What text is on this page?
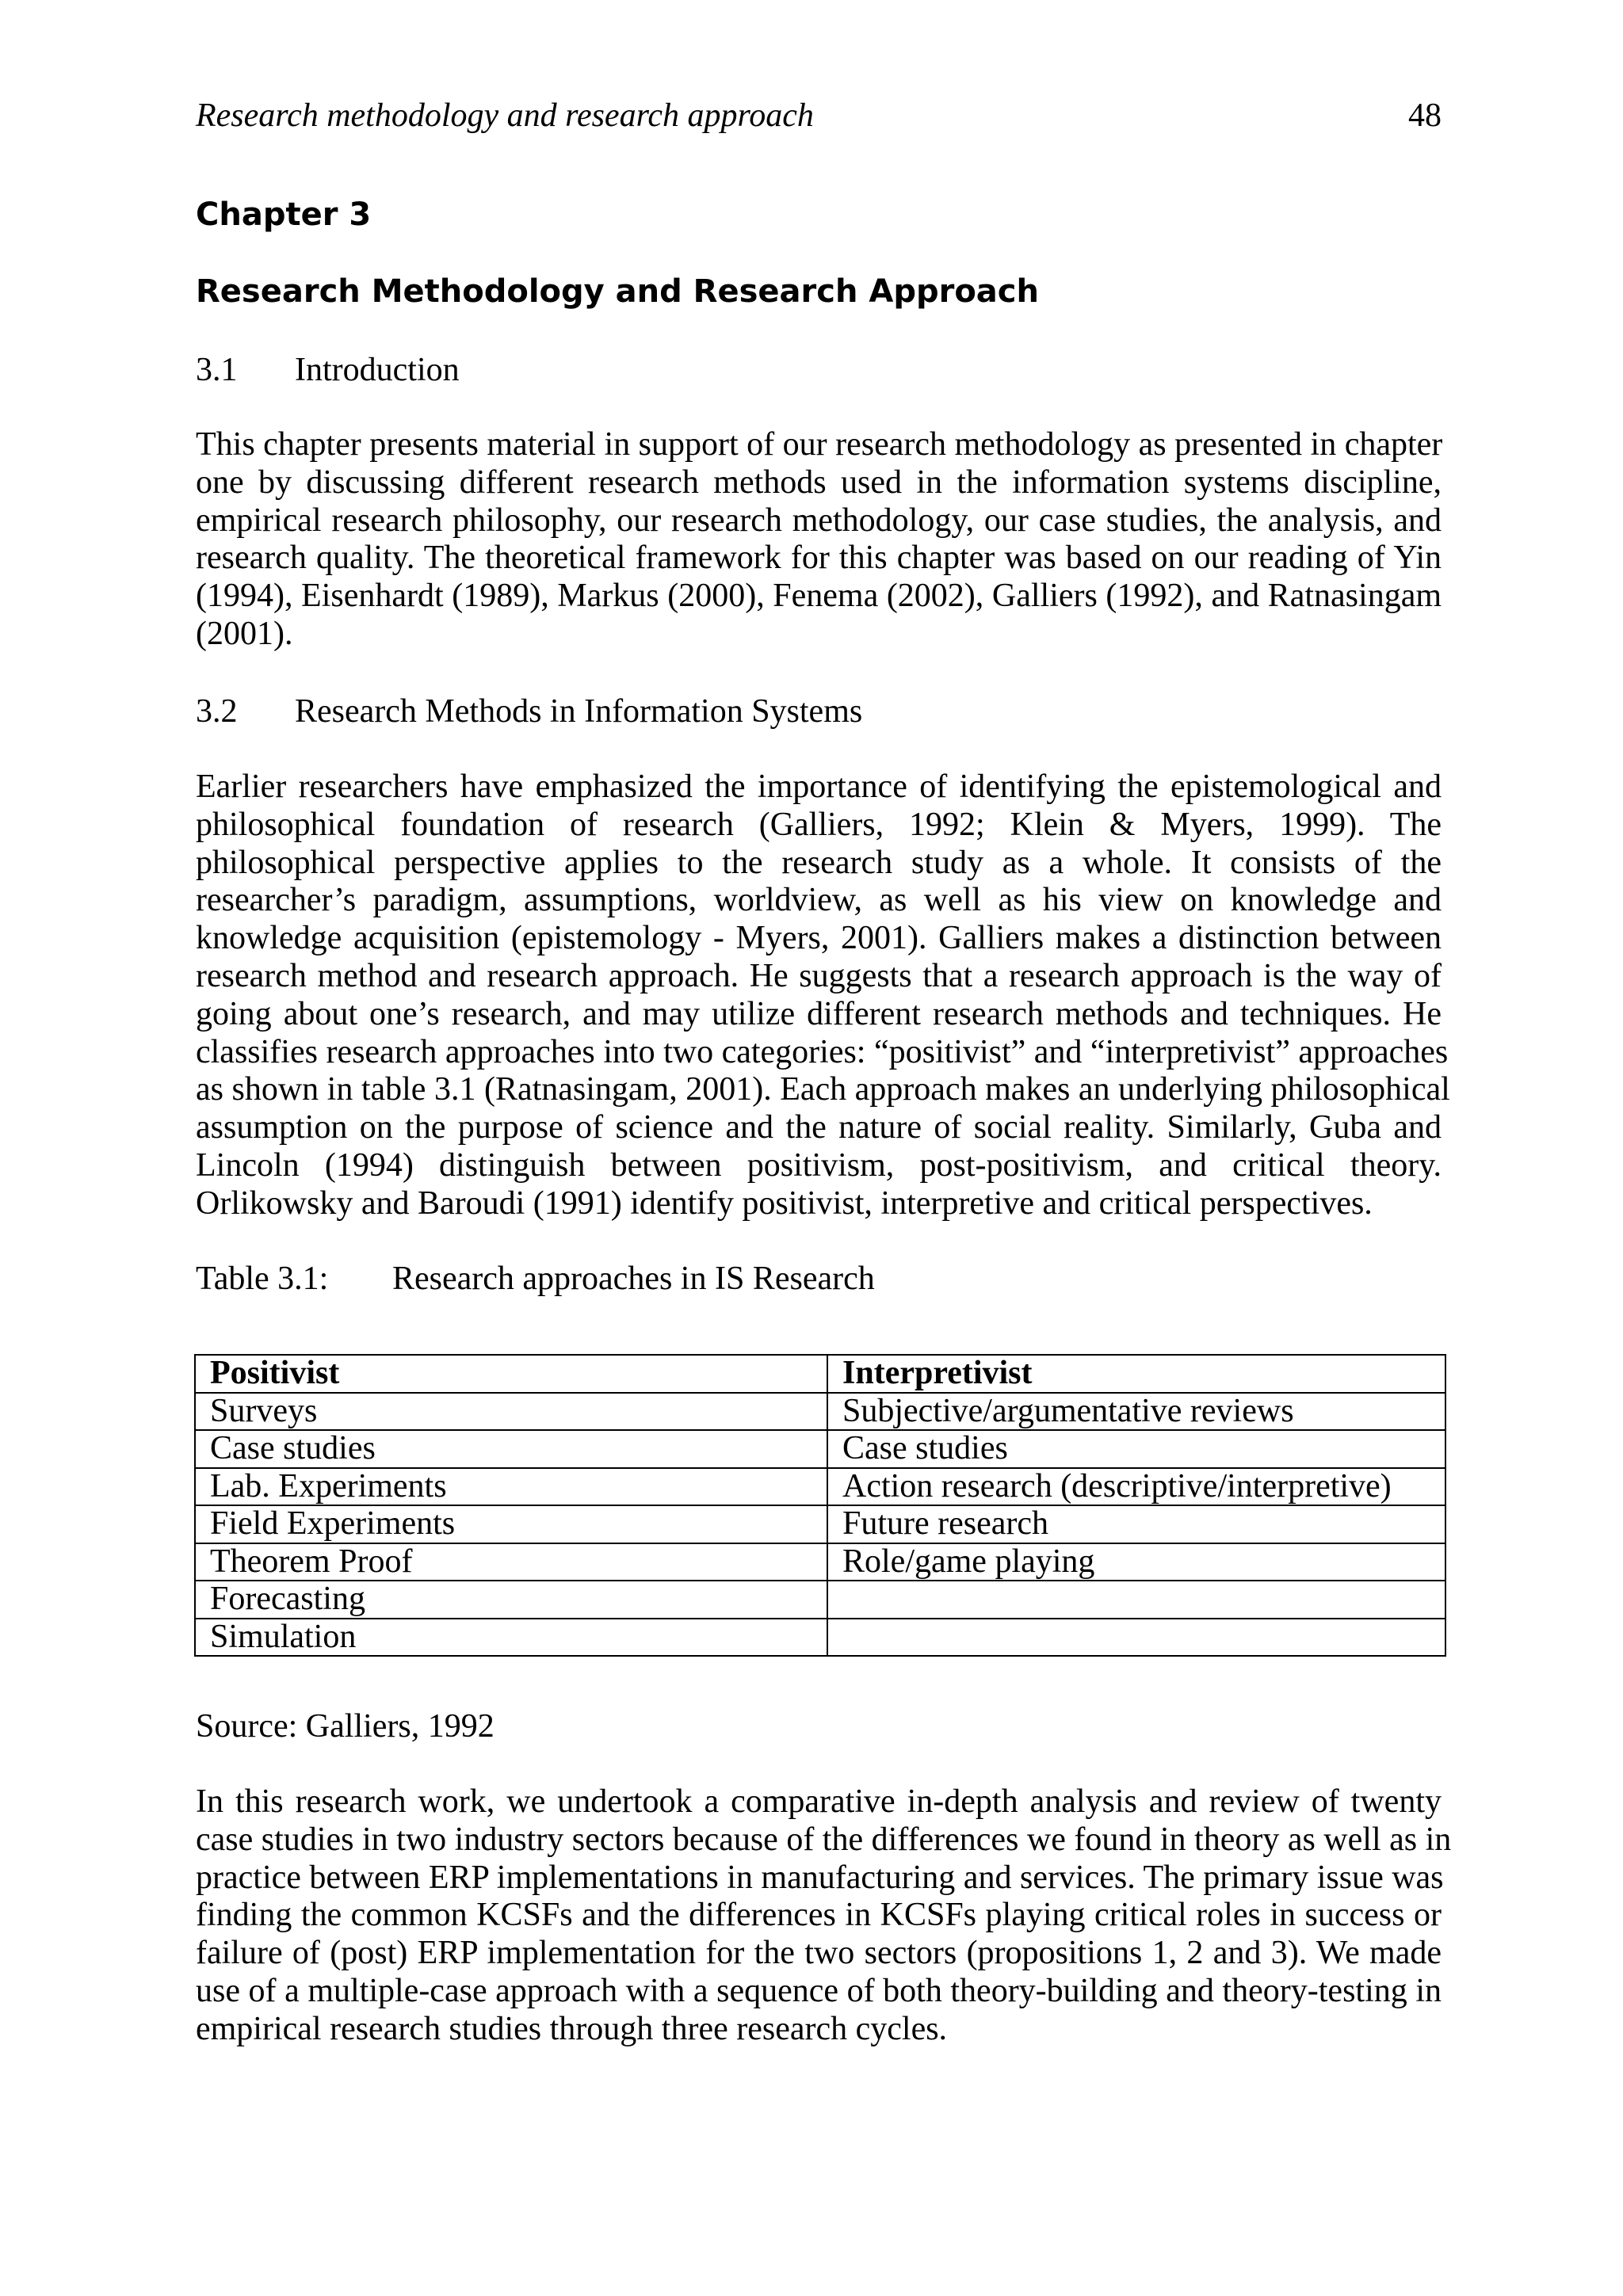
Research methodology and research approach	48
Chapter 3
Research Methodology and Research Approach
3.1 Introduction
This chapter presents material in support of our research methodology as presented in chapter
one by discussing different research methods used in the information systems discipline,
empirical research philosophy, our research methodology, our case studies, the analysis, and
research quality. The theoretical framework for this chapter was based on our reading of Yin
(1994), Eisenhardt (1989), Markus (2000), Fenema (2002), Galliers (1992), and Ratnasingam
(2001).
3.2 Research Methods in Information Systems
Earlier researchers have emphasized the importance of identifying the epistemological and
philosophical foundation of research (Galliers, 1992; Klein & Myers, 1999). The
philosophical perspective applies to the research study as a whole. It consists of the
researcher’s paradigm, assumptions, worldview, as well as his view on knowledge and
knowledge acquisition (epistemology - Myers, 2001). Galliers makes a distinction between
research method and research approach. He suggests that a research approach is the way of
going about one’s research, and may utilize different research methods and techniques. He
classifies research approaches into two categories: “positivist” and “interpretivist” approaches
as shown in table 3.1 (Ratnasingam, 2001). Each approach makes an underlying philosophical
assumption on the purpose of science and the nature of social reality. Similarly, Guba and
Lincoln (1994) distinguish between positivism, post-positivism, and critical theory.
Orlikowsky and Baroudi (1991) identify positivist, interpretive and critical perspectives.
Table 3.1: Research approaches in IS Research
Positivist	Interpretivist
Surveys	Subjective/argumentative reviews
Case studies	Case studies
Lab. Experiments	Action research (descriptive/interpretive)
Field Experiments	Future research
Theorem Proof	Role/game playing
Forecasting	
Simulation	
Source: Galliers, 1992
In this research work, we undertook a comparative in-depth analysis and review of twenty
case studies in two industry sectors because of the differences we found in theory as well as in
practice between ERP implementations in manufacturing and services. The primary issue was
finding the common KCSFs and the differences in KCSFs playing critical roles in success or
failure of (post) ERP implementation for the two sectors (propositions 1, 2 and 3). We made
use of a multiple-case approach with a sequence of both theory-building and theory-testing in
empirical research studies through three research cycles.
